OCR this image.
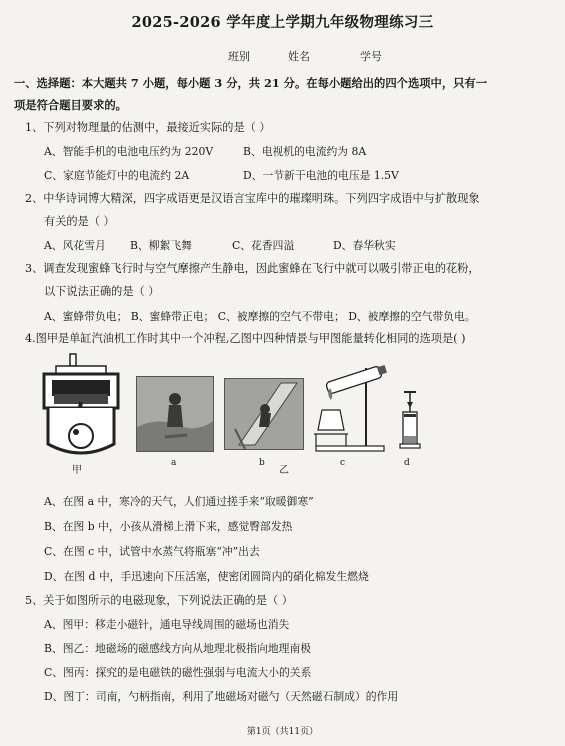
2025-2026 学年度上学期九年级物理练习三
班别	姓名	学号
一、选择题：本大题共 7 小题，每小题 3 分，共 21 分。在每小题给出的四个选项中，只有一
项是符合题目要求的。
1、下列对物理量的估测中，最接近实际的是（ ）
A、智能手机的电池电压约为 220V	B、电视机的电流约为 8A
C、家庭节能灯中的电流约 2A	D、一节新干电池的电压是 1.5V
2、中华诗词博大精深，四字成语更是汉语言宝库中的璀璨明珠。下列四字成语中与扩散现象
有关的是（ ）
A、风花雪月 B、柳絮飞舞	C、花香四溢	D、春华秋实
3、调查发现蜜蜂飞行时与空气摩擦产生静电，因此蜜蜂在飞行中就可以吸引带正电的花粉，
以下说法正确的是（ ）
A、蜜蜂带负电； B、蜜蜂带正电； C、被摩擦的空气不带电； D、被摩擦的空气带负电。
4.图甲是单缸汽油机工作时其中一个冲程,乙图中四种情景与甲图能量转化相同的选项是( )
甲
a	b
乙
c	d
A、在图 a 中，寒冷的天气，人们通过搓手来“取暖御寒”
B、在图 b 中，小孩从滑梯上滑下来，感觉臀部发热
C、在图 c 中，试管中水蒸气将瓶塞“冲”出去
D、在图 d 中，手迅速向下压活塞，使密闭圆筒内的硝化棉发生燃烧
5、关于如图所示的电磁现象，下列说法正确的是（ ）
A、图甲：移走小磁针，通电导线周围的磁场也消失
B、图乙：地磁场的磁感线方向从地理北极指向地理南极
C、图丙：探究的是电磁铁的磁性强弱与电流大小的关系
D、图丁：司南，勺柄指南，利用了地磁场对磁勺（天然磁石制成）的作用
第1页（共11页）
